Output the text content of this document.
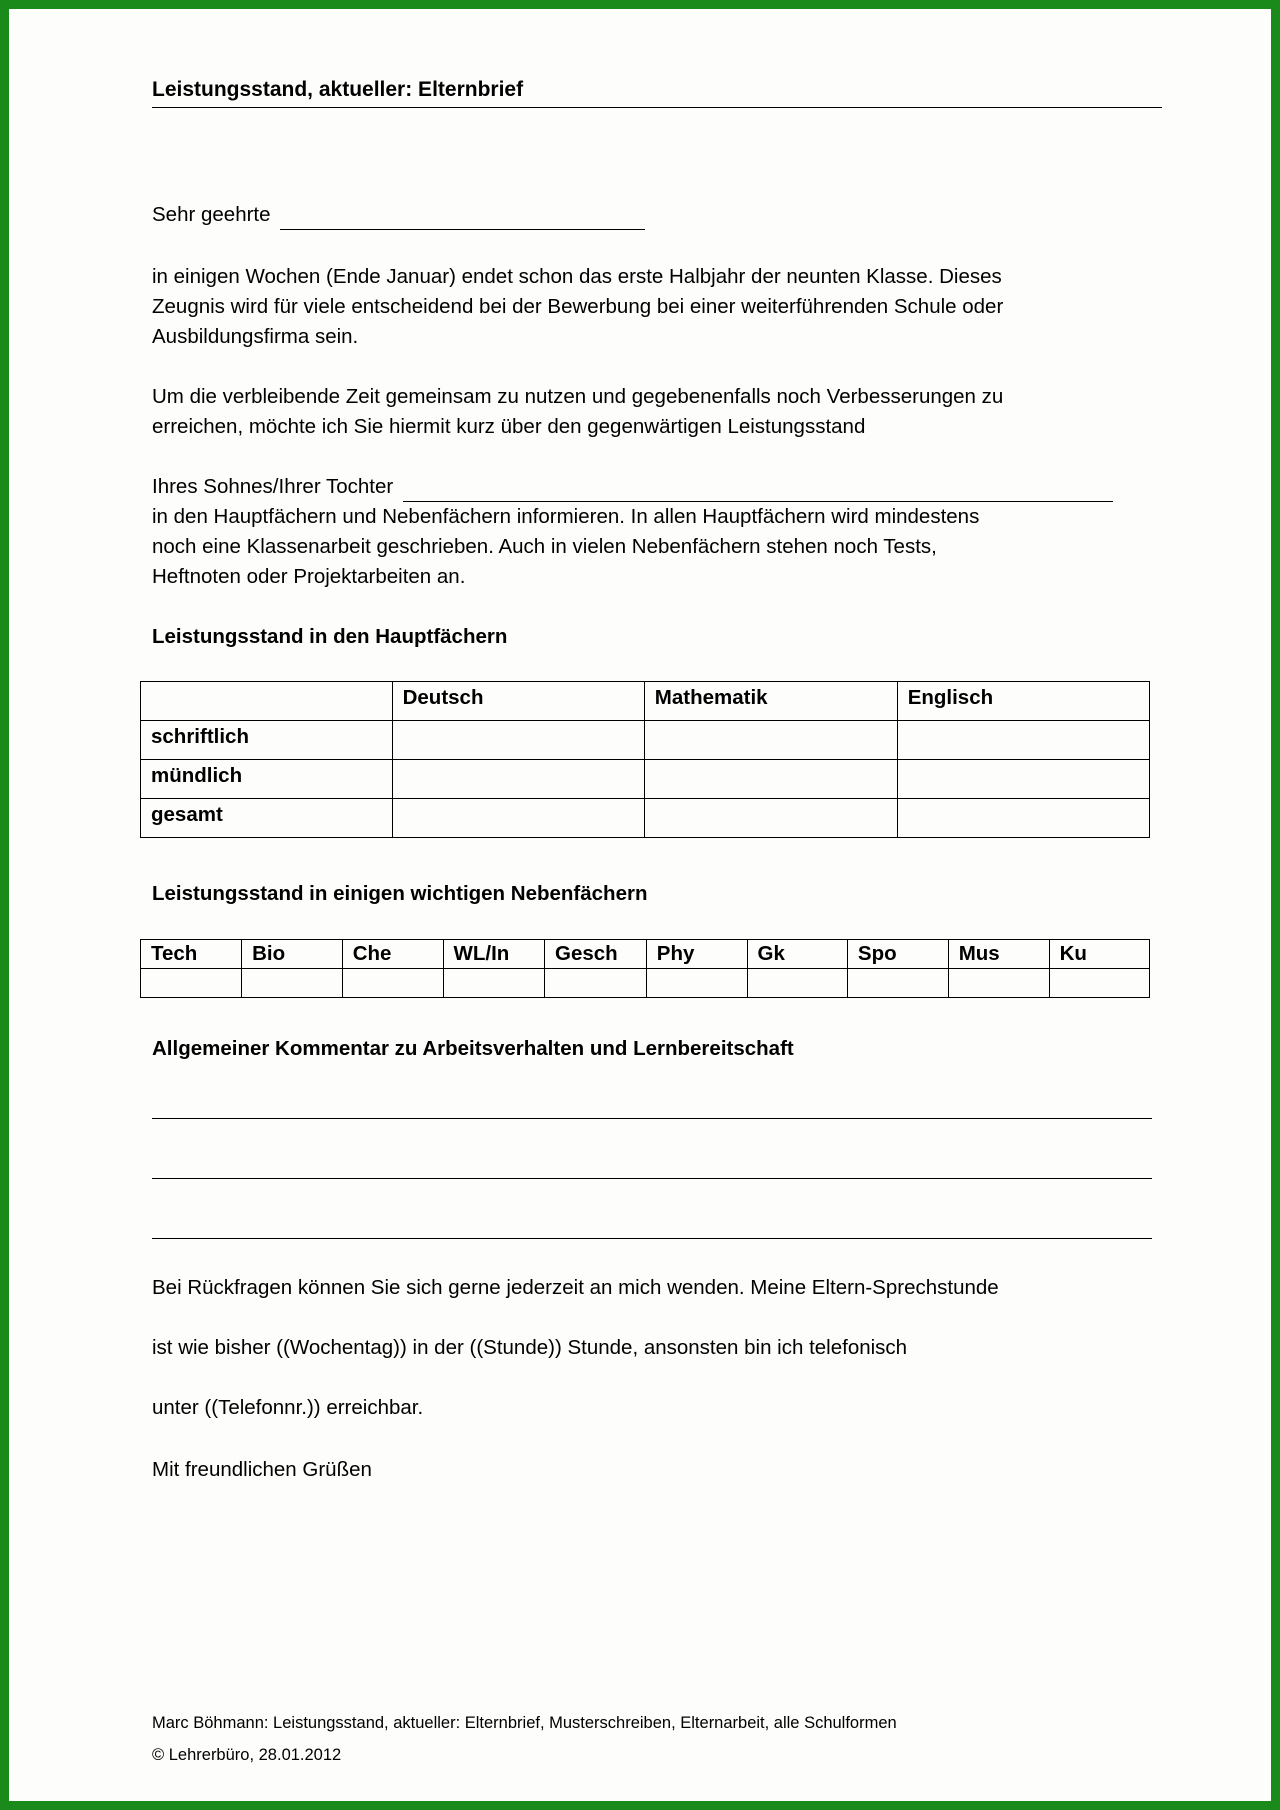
Leistungsstand, aktueller: Elternbrief
Sehr geehrte
in einigen Wochen (Ende Januar) endet schon das erste Halbjahr der neunten Klasse. Dieses
Zeugnis wird für viele entscheidend bei der Bewerbung bei einer weiterführenden Schule oder
Ausbildungsfirma sein.
Um die verbleibende Zeit gemeinsam zu nutzen und gegebenenfalls noch Verbesserungen zu
erreichen, möchte ich Sie hiermit kurz über den gegenwärtigen Leistungsstand
Ihres Sohnes/Ihrer Tochter
in den Hauptfächern und Nebenfächern informieren. In allen Hauptfächern wird mindestens
noch eine Klassenarbeit geschrieben. Auch in vielen Nebenfächern stehen noch Tests,
Heftnoten oder Projektarbeiten an.
Leistungsstand in den Hauptfächern
	Deutsch	Mathematik	Englisch
schriftlich			
mündlich			
gesamt			
Leistungsstand in einigen wichtigen Nebenfächern
Tech	Bio	Che	WL/In	Gesch	Phy	Gk	Spo	Mus	Ku

Allgemeiner Kommentar zu Arbeitsverhalten und Lernbereitschaft
Bei Rückfragen können Sie sich gerne jederzeit an mich wenden. Meine Eltern-Sprechstunde
ist wie bisher ((Wochentag)) in der ((Stunde)) Stunde, ansonsten bin ich telefonisch
unter ((Telefonnr.)) erreichbar.
Mit freundlichen Grüßen
Marc Böhmann: Leistungsstand, aktueller: Elternbrief, Musterschreiben, Elternarbeit, alle Schulformen
© Lehrerbüro, 28.01.2012
